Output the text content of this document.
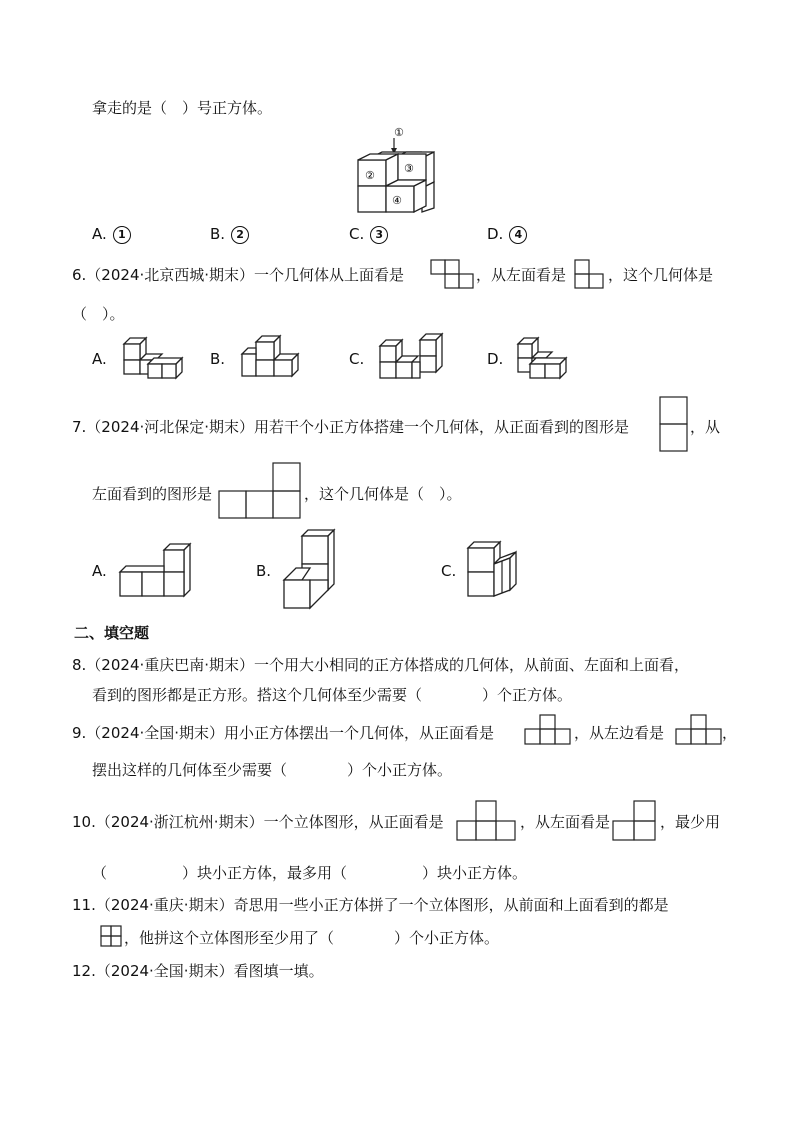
拿走的是（　）号正方体。
①
②
③
④
A. 1	B. 2	C. 3	D. 4
6.（2024·北京西城·期末）一个几何体从上面看是	，从左面看是	，这个几何体是
（　）。
A.	B.	C.	D.
7.（2024·河北保定·期末）用若干个小正方体搭建一个几何体，从正面看到的图形是	，从
左面看到的图形是	，这个几何体是（　）。
A.	B.	C.
二、填空题
8.（2024·重庆巴南·期末）一个用大小相同的正方体搭成的几何体，从前面、左面和上面看，
看到的图形都是正方形。搭这个几何体至少需要（　　　　）个正方体。
9.（2024·全国·期末）用小正方体摆出一个几何体，从正面看是	，从左边看是	，
摆出这样的几何体至少需要（　　　　）个小正方体。
10.（2024·浙江杭州·期末）一个立体图形，从正面看是	，从左面看是	，最少用
（　　　　　）块小正方体，最多用（　　　　　）块小正方体。
11.（2024·重庆·期末）奇思用一些小正方体拼了一个立体图形，从前面和上面看到的都是
，他拼这个立体图形至少用了（　　　　）个小正方体。
12.（2024·全国·期末）看图填一填。
